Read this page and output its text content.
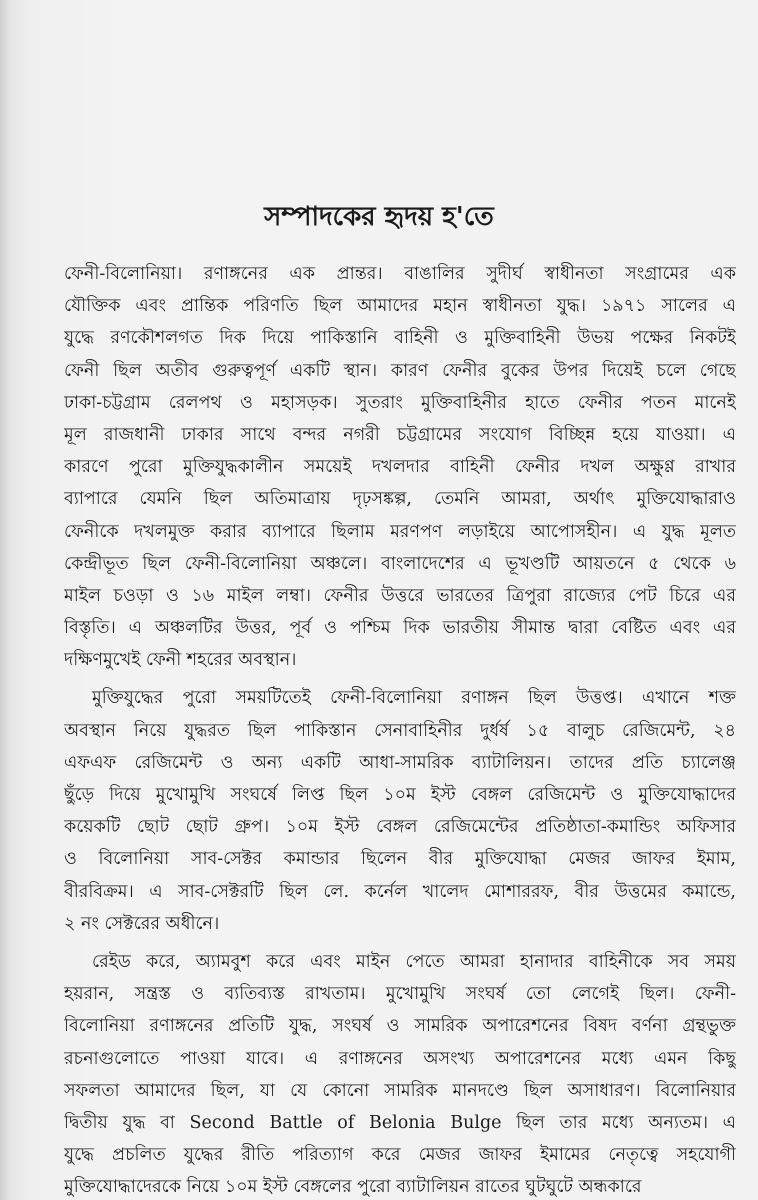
সম্পাদকের হৃদয় হ'তে
ফেনী-বিলোনিয়া। রণাঙ্গনের এক প্রান্তর। বাঙালির সুদীর্ঘ স্বাধীনতা সংগ্রামের এক
যৌক্তিক এবং প্রান্তিক পরিণতি ছিল আমাদের মহান স্বাধীনতা যুদ্ধ। ১৯৭১ সালের এ
যুদ্ধে রণকৌশলগত দিক দিয়ে পাকিস্তানি বাহিনী ও মুক্তিবাহিনী উভয় পক্ষের নিকটই
ফেনী ছিল অতীব গুরুত্বপূর্ণ একটি স্থান। কারণ ফেনীর বুকের উপর দিয়েই চলে গেছে
ঢাকা-চট্টগ্রাম রেলপথ ও মহাসড়ক। সুতরাং মুক্তিবাহিনীর হাতে ফেনীর পতন মানেই
মূল রাজধানী ঢাকার সাথে বন্দর নগরী চট্টগ্রামের সংযোগ বিচ্ছিন্ন হয়ে যাওয়া। এ
কারণে পুরো মুক্তিযুদ্ধকালীন সময়েই দখলদার বাহিনী ফেনীর দখল অক্ষুণ্ণ রাখার
ব্যাপারে যেমনি ছিল অতিমাত্রায় দৃঢ়সঙ্কল্প, তেমনি আমরা, অর্থাৎ মুক্তিযোদ্ধারাও
ফেনীকে দখলমুক্ত করার ব্যাপারে ছিলাম মরণপণ লড়াইয়ে আপোসহীন। এ যুদ্ধ মূলত
কেন্দ্রীভূত ছিল ফেনী-বিলোনিয়া অঞ্চলে। বাংলাদেশের এ ভূখণ্ডটি আয়তনে ৫ থেকে ৬
মাইল চওড়া ও ১৬ মাইল লম্বা। ফেনীর উত্তরে ভারতের ত্রিপুরা রাজ্যের পেট চিরে এর
বিস্তৃতি। এ অঞ্চলটির উত্তর, পূর্ব ও পশ্চিম দিক ভারতীয় সীমান্ত দ্বারা বেষ্টিত এবং এর
দক্ষিণমুখেই ফেনী শহরের অবস্থান।
মুক্তিযুদ্ধের পুরো সময়টিতেই ফেনী-বিলোনিয়া রণাঙ্গন ছিল উত্তপ্ত। এখানে শক্ত
অবস্থান নিয়ে যুদ্ধরত ছিল পাকিস্তান সেনাবাহিনীর দুর্ধর্ষ ১৫ বালুচ রেজিমেন্ট, ২৪
এফএফ রেজিমেন্ট ও অন্য একটি আধা-সামরিক ব্যাটালিয়ন। তাদের প্রতি চ্যালেঞ্জ
ছুঁড়ে দিয়ে মুখোমুখি সংঘর্ষে লিপ্ত ছিল ১০ম ইস্ট বেঙ্গল রেজিমেন্ট ও মুক্তিযোদ্ধাদের
কয়েকটি ছোট ছোট গ্রুপ। ১০ম ইস্ট বেঙ্গল রেজিমেন্টের প্রতিষ্ঠাতা-কমান্ডিং অফিসার
ও বিলোনিয়া সাব-সেক্টর কমান্ডার ছিলেন বীর মুক্তিযোদ্ধা মেজর জাফর ইমাম,
বীরবিক্রম। এ সাব-সেক্টরটি ছিল লে. কর্নেল খালেদ মোশাররফ, বীর উত্তমের কমান্ডে,
২ নং সেক্টরের অধীনে।
রেইড করে, অ্যামবুশ করে এবং মাইন পেতে আমরা হানাদার বাহিনীকে সব সময়
হয়রান, সন্ত্রস্ত ও ব্যতিব্যস্ত রাখতাম। মুখোমুখি সংঘর্ষ তো লেগেই ছিল। ফেনী-
বিলোনিয়া রণাঙ্গনের প্রতিটি যুদ্ধ, সংঘর্ষ ও সামরিক অপারেশনের বিষদ বর্ণনা গ্রন্থভুক্ত
রচনাগুলোতে পাওয়া যাবে। এ রণাঙ্গনের অসংখ্য অপারেশনের মধ্যে এমন কিছু
সফলতা আমাদের ছিল, যা যে কোনো সামরিক মানদণ্ডে ছিল অসাধারণ। বিলোনিয়ার
দ্বিতীয় যুদ্ধ বা Second Battle of Belonia Bulge ছিল তার মধ্যে অন্যতম। এ
যুদ্ধে প্রচলিত যুদ্ধের রীতি পরিত্যাগ করে মেজর জাফর ইমামের নেতৃত্বে সহযোগী
মুক্তিযোদ্ধাদেরকে নিয়ে ১০ম ইস্ট বেঙ্গলের পুরো ব্যাটালিয়ন রাতের ঘুটঘুটে অন্ধকারে
